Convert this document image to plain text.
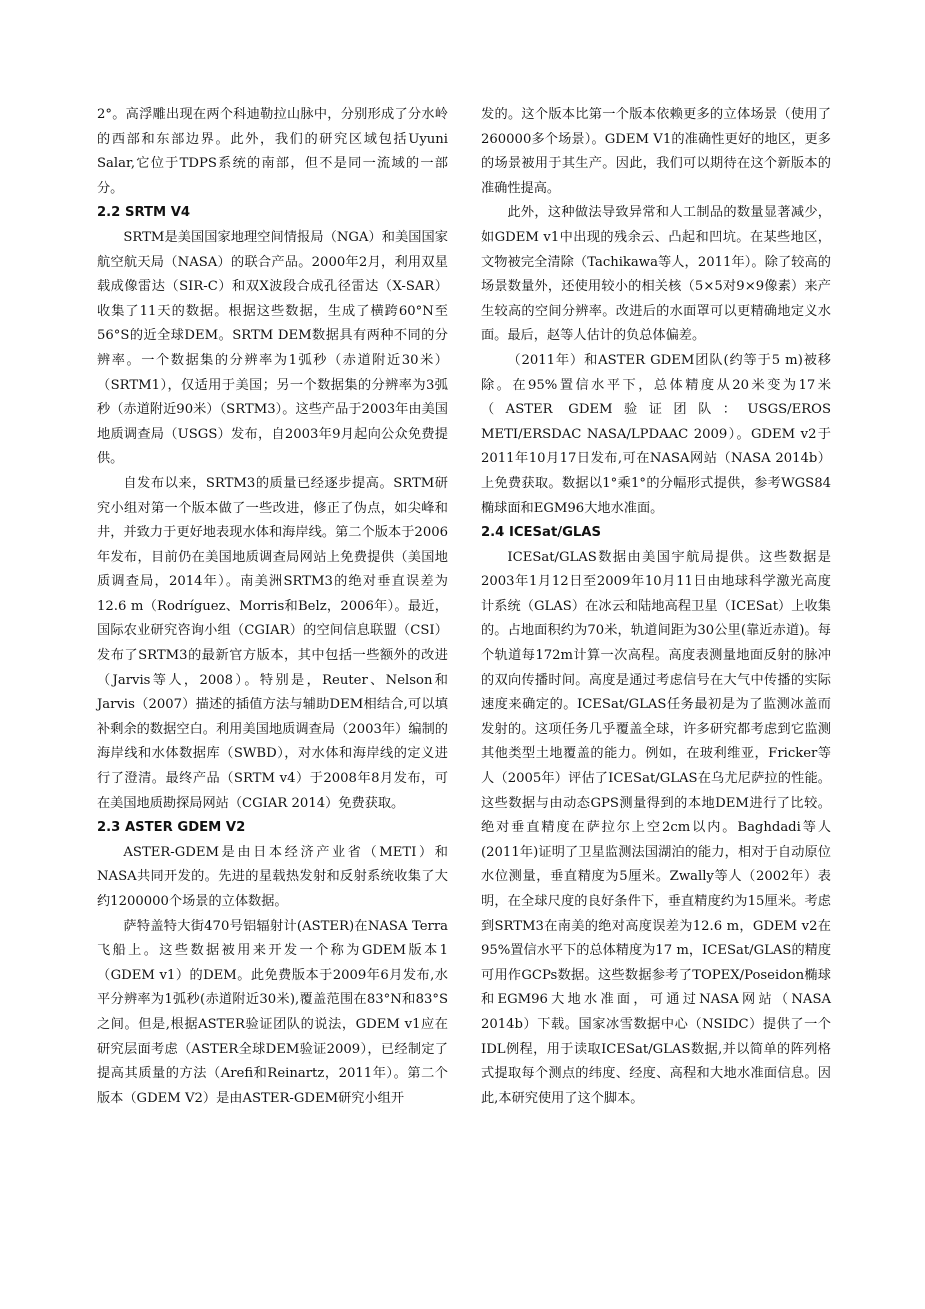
2°。高浮雕出现在两个科迪勒拉山脉中，分别形成了分水岭的西部和东部边界。此外，我们的研究区域包括Uyuni Salar,它位于TDPS系统的南部，但不是同一流域的一部分。

2.2 SRTM V4

SRTM是美国国家地理空间情报局（NGA）和美国国家航空航天局（NASA）的联合产品。2000年2月，利用双星载成像雷达（SIR-C）和双X波段合成孔径雷达（X-SAR）收集了11天的数据。根据这些数据，生成了横跨60°N至56°S的近全球DEM。SRTM DEM数据具有两种不同的分辨率。一个数据集的分辨率为1弧秒（赤道附近30米）（SRTM1），仅适用于美国；另一个数据集的分辨率为3弧秒（赤道附近90米）（SRTM3）。这些产品于2003年由美国地质调查局（USGS）发布，自2003年9月起向公众免费提供。

自发布以来，SRTM3的质量已经逐步提高。SRTM研究小组对第一个版本做了一些改进，修正了伪点，如尖峰和井，并致力于更好地表现水体和海岸线。第二个版本于2006年发布，目前仍在美国地质调查局网站上免费提供（美国地质调查局，2014年）。南美洲SRTM3的绝对垂直误差为12.6 m（Rodríguez、Morris和Belz，2006年）。最近，国际农业研究咨询小组（CGIAR）的空间信息联盟（CSI）发布了SRTM3的最新官方版本，其中包括一些额外的改进（Jarvis等人，2008）。特别是，Reuter、Nelson和Jarvis（2007）描述的插值方法与辅助DEM相结合,可以填补剩余的数据空白。利用美国地质调查局（2003年）编制的海岸线和水体数据库（SWBD），对水体和海岸线的定义进行了澄清。最终产品（SRTM v4）于2008年8月发布，可在美国地质勘探局网站（CGIAR 2014）免费获取。

2.3 ASTER GDEM V2

ASTER-GDEM是由日本经济产业省（METI）和NASA共同开发的。先进的星载热发射和反射系统收集了大约1200000个场景的立体数据。

萨特盖特大街470号铝辐射计(ASTER)在NASA Terra飞船上。这些数据被用来开发一个称为GDEM版本1（GDEM v1）的DEM。此免费版本于2009年6月发布,水平分辨率为1弧秒(赤道附近30米),覆盖范围在83°N和83°S之间。但是,根据ASTER验证团队的说法，GDEM v1应在研究层面考虑（ASTER全球DEM验证2009），已经制定了提高其质量的方法（Arefi和Reinartz，2011年）。第二个版本（GDEM V2）是由ASTER-GDEM研究小组开

发的。这个版本比第一个版本依赖更多的立体场景（使用了260000多个场景）。GDEM V1的准确性更好的地区，更多的场景被用于其生产。因此，我们可以期待在这个新版本的准确性提高。

此外，这种做法导致异常和人工制品的数量显著减少，如GDEM v1中出现的残余云、凸起和凹坑。在某些地区，文物被完全清除（Tachikawa等人，2011年）。除了较高的场景数量外，还使用较小的相关核（5×5对9×9像素）来产生较高的空间分辨率。改进后的水面罩可以更精确地定义水面。最后，赵等人估计的负总体偏差。

（2011年）和ASTER GDEM团队(约等于5 m)被移除。在95%置信水平下，总体精度从20米变为17米（ASTER GDEM验证团队：USGS/EROS METI/ERSDAC NASA/LPDAAC 2009）。GDEM v2于2011年10月17日发布,可在NASA网站（NASA 2014b）上免费获取。数据以1°乘1°的分幅形式提供，参考WGS84椭球面和EGM96大地水准面。

2.4 ICESat/GLAS

ICESat/GLAS数据由美国宇航局提供。这些数据是2003年1月12日至2009年10月11日由地球科学激光高度计系统（GLAS）在冰云和陆地高程卫星（ICESat）上收集的。占地面积约为70米，轨道间距为30公里(靠近赤道)。每个轨道每172m计算一次高程。高度表测量地面反射的脉冲的双向传播时间。高度是通过考虑信号在大气中传播的实际速度来确定的。ICESat/GLAS任务最初是为了监测冰盖而发射的。这项任务几乎覆盖全球，许多研究都考虑到它监测其他类型土地覆盖的能力。例如，在玻利维亚，Fricker等人（2005年）评估了ICESat/GLAS在乌尤尼萨拉的性能。这些数据与由动态GPS测量得到的本地DEM进行了比较。绝对垂直精度在萨拉尔上空2cm以内。Baghdadi等人(2011年)证明了卫星监测法国湖泊的能力，相对于自动原位水位测量，垂直精度为5厘米。Zwally等人（2002年）表明，在全球尺度的良好条件下，垂直精度约为15厘米。考虑到SRTM3在南美的绝对高度误差为12.6 m，GDEM v2在95%置信水平下的总体精度为17 m，ICESat/GLAS的精度可用作GCPs数据。这些数据参考了TOPEX/Poseidon椭球和EGM96大地水准面，可通过NASA网站（NASA 2014b）下载。国家冰雪数据中心（NSIDC）提供了一个IDL例程，用于读取ICESat/GLAS数据,并以简单的阵列格式提取每个测点的纬度、经度、高程和大地水准面信息。因此,本研究使用了这个脚本。
